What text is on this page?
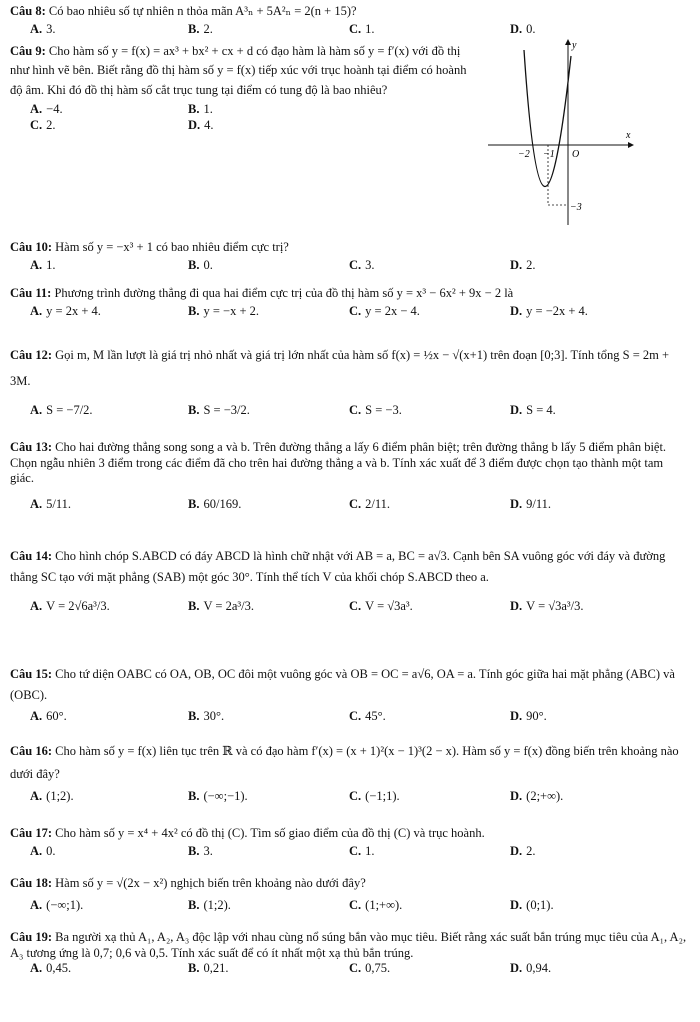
Câu 8: Có bao nhiêu số tự nhiên n thỏa mãn A³ₙ + 5A²ₙ = 2(n + 15)?

A. 3.	B. 2.	C. 1.	D. 0.

Câu 9: Cho hàm số y = f(x) = ax³ + bx² + cx + d có đạo hàm là hàm số y = f′(x) với đồ thị như hình vẽ bên. Biết rằng đồ thị hàm số y = f(x) tiếp xúc với trục hoành tại điểm có hoành độ âm. Khi đó đồ thị hàm số cắt trục tung tại điểm có tung độ là bao nhiêu?

A. −4.	B. 1.
C. 2.	D. 4.
y
x
O
−2 −1
−3

Câu 10: Hàm số y = −x³ + 1 có bao nhiêu điểm cực trị?

A. 1.	B. 0.	C. 3.	D. 2.

Câu 11: Phương trình đường thẳng đi qua hai điểm cực trị của đồ thị hàm số y = x³ − 6x² + 9x − 2 là

A. y = 2x + 4.	B. y = −x + 2.	C. y = 2x − 4.	D. y = −2x + 4.

Câu 12: Gọi m, M lần lượt là giá trị nhỏ nhất và giá trị lớn nhất của hàm số f(x) = ½x − √(x+1) trên đoạn [0;3]. Tính tổng S = 2m + 3M.

A. S = −7/2.	B. S = −3/2.	C. S = −3.	D. S = 4.

Câu 13: Cho hai đường thẳng song song a và b. Trên đường thẳng a lấy 6 điểm phân biệt; trên đường thẳng b lấy 5 điểm phân biệt. Chọn ngẫu nhiên 3 điểm trong các điểm đã cho trên hai đường thẳng a và b. Tính xác xuất để 3 điểm được chọn tạo thành một tam giác.

A. 5/11.	B. 60/169.	C. 2/11.	D. 9/11.

Câu 14: Cho hình chóp S.ABCD có đáy ABCD là hình chữ nhật với AB = a, BC = a√3. Cạnh bên SA vuông góc với đáy và đường thẳng SC tạo với mặt phẳng (SAB) một góc 30°. Tính thể tích V của khối chóp S.ABCD theo a.

A. V = 2√6a³/3.	B. V = 2a³/3.	C. V = √3a³.	D. V = √3a³/3.

Câu 15: Cho tứ diện OABC có OA, OB, OC đôi một vuông góc và OB = OC = a√6, OA = a. Tính góc giữa hai mặt phẳng (ABC) và (OBC).

A. 60°.	B. 30°.	C. 45°.	D. 90°.

Câu 16: Cho hàm số y = f(x) liên tục trên ℝ và có đạo hàm f′(x) = (x + 1)²(x − 1)³(2 − x). Hàm số y = f(x) đồng biến trên khoảng nào dưới đây?

A. (1;2).	B. (−∞;−1).	C. (−1;1).	D. (2;+∞).

Câu 17: Cho hàm số y = x⁴ + 4x² có đồ thị (C). Tìm số giao điểm của đồ thị (C) và trục hoành.

A. 0.	B. 3.	C. 1.	D. 2.

Câu 18: Hàm số y = √(2x − x²) nghịch biến trên khoảng nào dưới đây?

A. (−∞;1).	B. (1;2).	C. (1;+∞).	D. (0;1).

Câu 19: Ba người xạ thủ A₁, A₂, A₃ độc lập với nhau cùng nổ súng bắn vào mục tiêu. Biết rằng xác suất bắn trúng mục tiêu của A₁, A₂, A₃ tương ứng là 0,7; 0,6 và 0,5. Tính xác suất để có ít nhất một xạ thủ bắn trúng.

A. 0,45.	B. 0,21.	C. 0,75.	D. 0,94.
